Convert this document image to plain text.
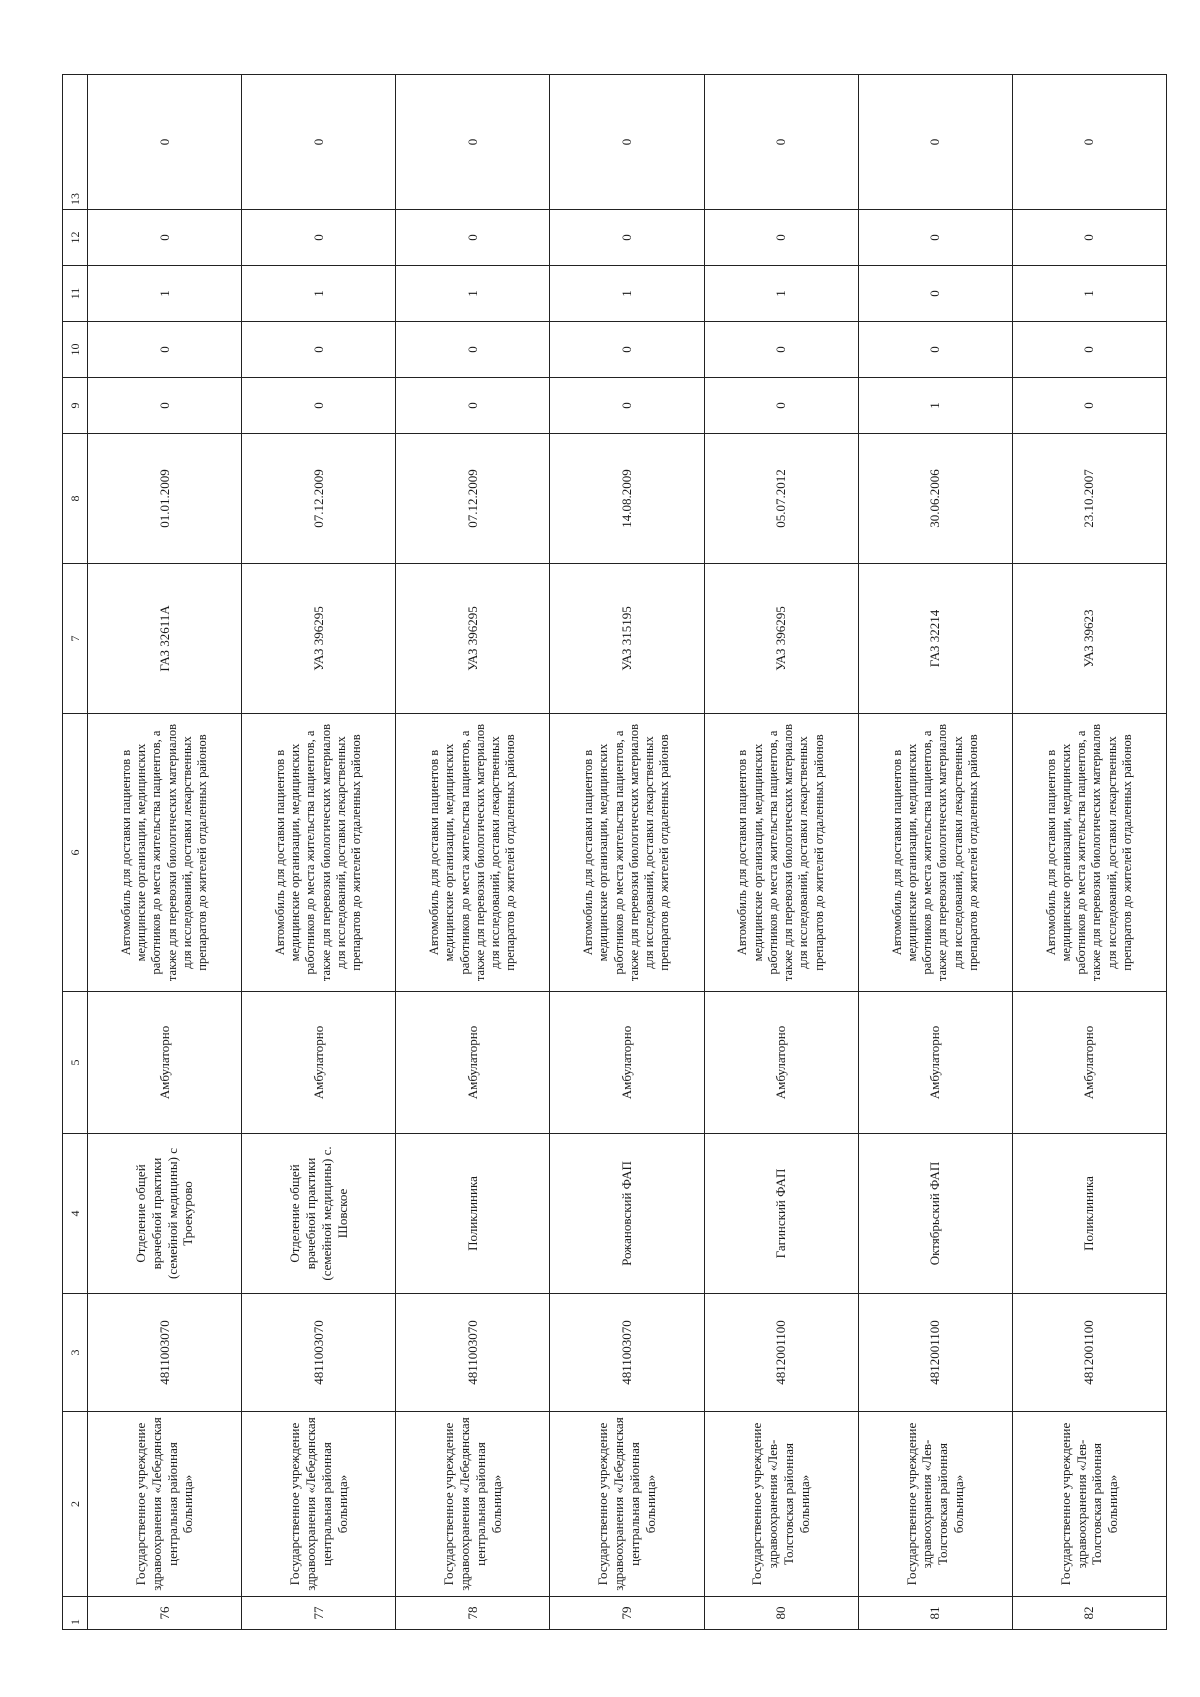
1	2	3	4	5	6	7	8	9	10	11	12	13
76	Государственное учреждение здравоохранения «Лебедянская центральная районная больница»	4811003070	Отделение общей врачебной практики (семейной медицины) с Троекурово	Амбулаторно	Автомобиль для доставки пациентов в медицинские организации, медицинских работников до места жительства пациентов, а также для перевозки биологических материалов для исследований, доставки лекарственных препаратов до жителей отдаленных районов	ГАЗ 32611А	01.01.2009	0	0	1	0	0
77	Государственное учреждение здравоохранения «Лебедянская центральная районная больница»	4811003070	Отделение общей врачебной практики (семейной медицины) с. Шовское	Амбулаторно	Автомобиль для доставки пациентов в медицинские организации, медицинских работников до места жительства пациентов, а также для перевозки биологических материалов для исследований, доставки лекарственных препаратов до жителей отдаленных районов	УАЗ 396295	07.12.2009	0	0	1	0	0
78	Государственное учреждение здравоохранения «Лебедянская центральная районная больница»	4811003070	Поликлиника	Амбулаторно	Автомобиль для доставки пациентов в медицинские организации, медицинских работников до места жительства пациентов, а также для перевозки биологических материалов для исследований, доставки лекарственных препаратов до жителей отдаленных районов	УАЗ 396295	07.12.2009	0	0	1	0	0
79	Государственное учреждение здравоохранения «Лебедянская центральная районная больница»	4811003070	Рожановский ФАП	Амбулаторно	Автомобиль для доставки пациентов в медицинские организации, медицинских работников до места жительства пациентов, а также для перевозки биологических материалов для исследований, доставки лекарственных препаратов до жителей отдаленных районов	УАЗ 315195	14.08.2009	0	0	1	0	0
80	Государственное учреждение здравоохранения «Лев-Толстовская районная больница»	4812001100	Гагинский ФАП	Амбулаторно	Автомобиль для доставки пациентов в медицинские организации, медицинских работников до места жительства пациентов, а также для перевозки биологических материалов для исследований, доставки лекарственных препаратов до жителей отдаленных районов	УАЗ 396295	05.07.2012	0	0	1	0	0
81	Государственное учреждение здравоохранения «Лев-Толстовская районная больница»	4812001100	Октябрьский ФАП	Амбулаторно	Автомобиль для доставки пациентов в медицинские организации, медицинских работников до места жительства пациентов, а также для перевозки биологических материалов для исследований, доставки лекарственных препаратов до жителей отдаленных районов	ГАЗ 32214	30.06.2006	1	0	0	0	0
82	Государственное учреждение здравоохранения «Лев-Толстовская районная больница»	4812001100	Поликлиника	Амбулаторно	Автомобиль для доставки пациентов в медицинские организации, медицинских работников до места жительства пациентов, а также для перевозки биологических материалов для исследований, доставки лекарственных препаратов до жителей отдаленных районов	УАЗ 39623	23.10.2007	0	0	1	0	0
